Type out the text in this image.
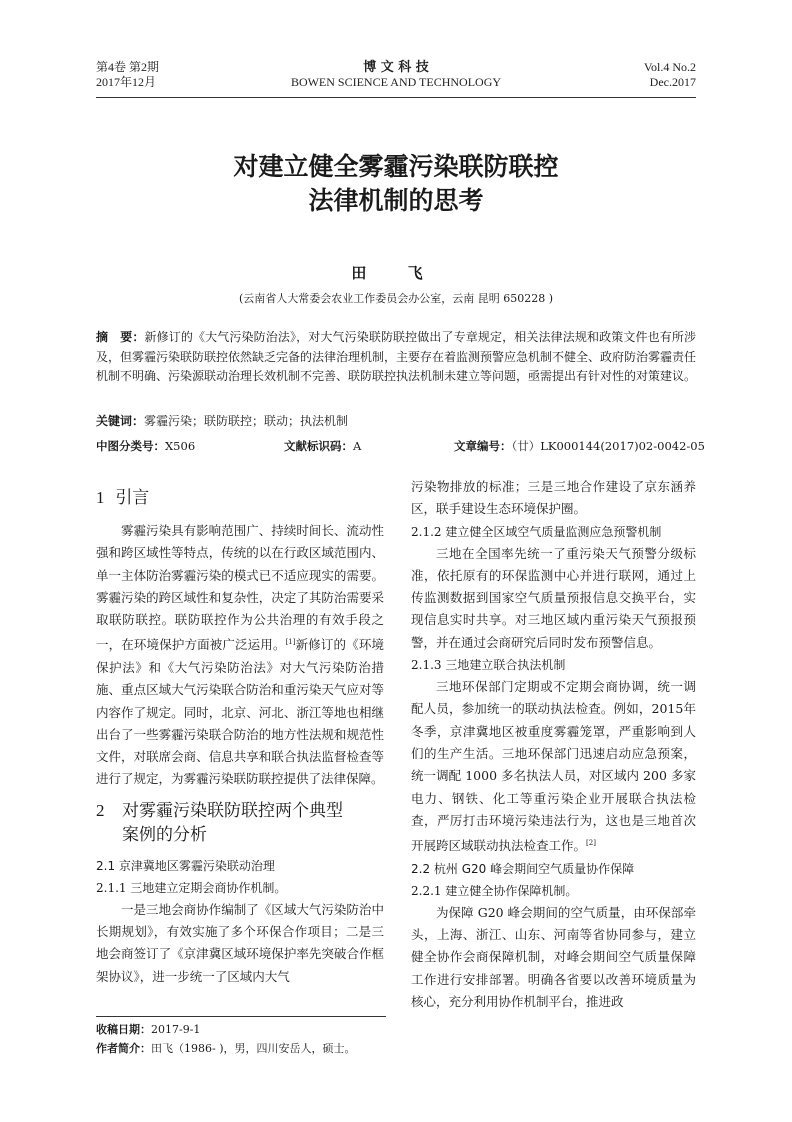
第4卷 第2期
2017年12月
博 文 科 技
BOWEN SCIENCE AND TECHNOLOGY
Vol.4 No.2
Dec.2017
对建立健全雾霾污染联防联控
法律机制的思考
田 飞
(云南省人大常委会农业工作委员会办公室，云南 昆明 650228 )
摘　要：新修订的《大气污染防治法》，对大气污染联防联控做出了专章规定，相关法律法规和政策文件也有所涉及，但雾霾污染联防联控依然缺乏完备的法律治理机制，主要存在着监测预警应急机制不健全、政府防治雾霾责任机制不明确、污染源联动治理长效机制不完善、联防联控执法机制未建立等问题，亟需提出有针对性的对策建议。
关键词：雾霾污染；联防联控；联动；执法机制
中图分类号：X506	文献标识码：A	文章编号：（廿）LK000144(2017)02-0042-05
1 引言

雾霾污染具有影响范围广、持续时间长、流动性强和跨区域性等特点，传统的以在行政区域范围内、单一主体防治雾霾污染的模式已不适应现实的需要。雾霾污染的跨区域性和复杂性，决定了其防治需要采取联防联控。联防联控作为公共治理的有效手段之一，在环境保护方面被广泛运用。[1]新修订的《环境保护法》和《大气污染防治法》对大气污染防治措施、重点区域大气污染联合防治和重污染天气应对等内容作了规定。同时，北京、河北、浙江等地也相继出台了一些雾霾污染联合防治的地方性法规和规范性文件，对联席会商、信息共享和联合执法监督检查等进行了规定，为雾霾污染联防联控提供了法律保障。

2	对雾霾污染联防联控两个典型
案例的分析
2.1 京津冀地区雾霾污染联动治理
2.1.1 三地建立定期会商协作机制。

一是三地会商协作编制了《区域大气污染防治中长期规划》，有效实施了多个环保合作项目；二是三地会商签订了《京津冀区域环境保护率先突破合作框架协议》，进一步统一了区域内大气

污染物排放的标准；三是三地合作建设了京东涵养区，联手建设生态环境保护圈。

2.1.2 建立健全区域空气质量监测应急预警机制

三地在全国率先统一了重污染天气预警分级标准，依托原有的环保监测中心并进行联网，通过上传监测数据到国家空气质量预报信息交换平台，实现信息实时共享。对三地区域内重污染天气预报预警，并在通过会商研究后同时发布预警信息。

2.1.3 三地建立联合执法机制

三地环保部门定期或不定期会商协调，统一调配人员，参加统一的联动执法检查。例如，2015年冬季，京津冀地区被重度雾霾笼罩，严重影响到人们的生产生活。三地环保部门迅速启动应急预案，统一调配 1000 多名执法人员，对区域内 200 多家电力、钢铁、化工等重污染企业开展联合执法检查，严厉打击环境污染违法行为，这也是三地首次开展跨区域联动执法检查工作。[2]

2.2 杭州 G20 峰会期间空气质量协作保障
2.2.1 建立健全协作保障机制。

为保障 G20 峰会期间的空气质量，由环保部牵头，上海、浙江、山东、河南等省协同参与，建立健全协作会商保障机制，对峰会期间空气质量保障工作进行安排部署。明确各省要以改善环境质量为核心，充分利用协作机制平台，推进政

收稿日期：2017-9-1
作者简介：田飞（1986- )，男，四川安岳人，硕士。
